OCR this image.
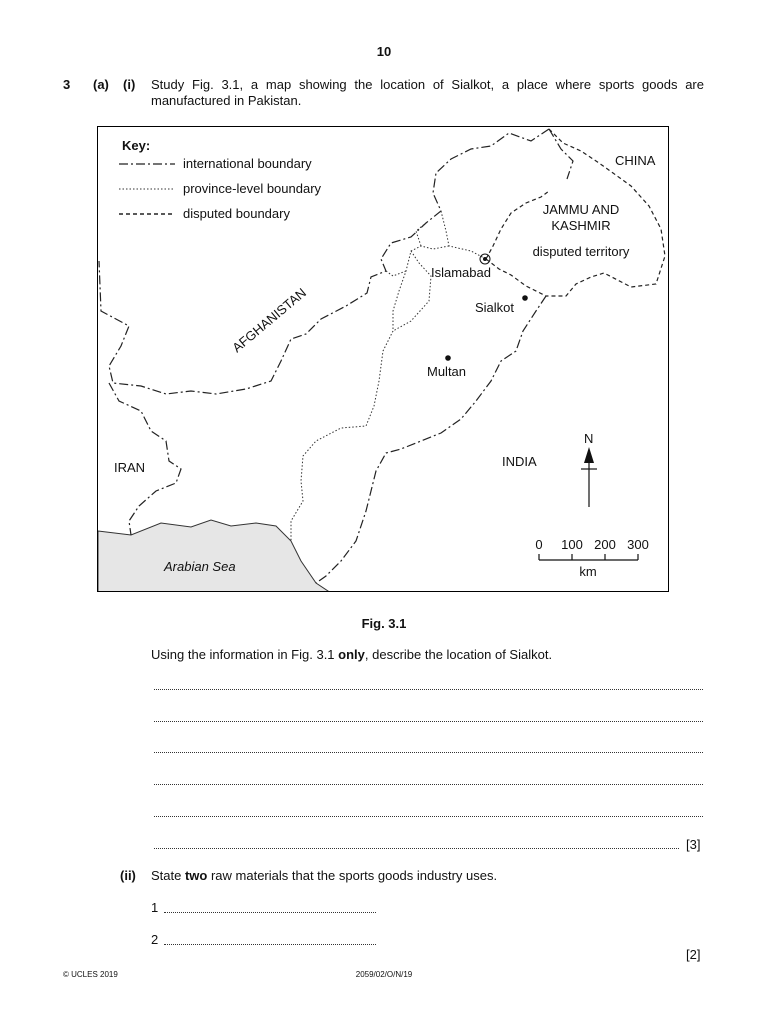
10
3 (a) (i) Study Fig. 3.1, a map showing the location of Sialkot, a place where sports goods are manufactured in Pakistan.
Key:
international boundary
province-level boundary
disputed boundary
CHINA
JAMMU AND
KASHMIR
disputed territory
Islamabad
Sialkot
Multan
AFGHANISTAN
IRAN	INDIA
Arabian Sea
N
0 100 200 300
km
Fig. 3.1
Using the information in Fig. 3.1 only, describe the location of Sialkot.
[3]
(ii) State two raw materials that the sports goods industry uses.
1
2
[2]
© UCLES 2019	2059/02/O/N/19
